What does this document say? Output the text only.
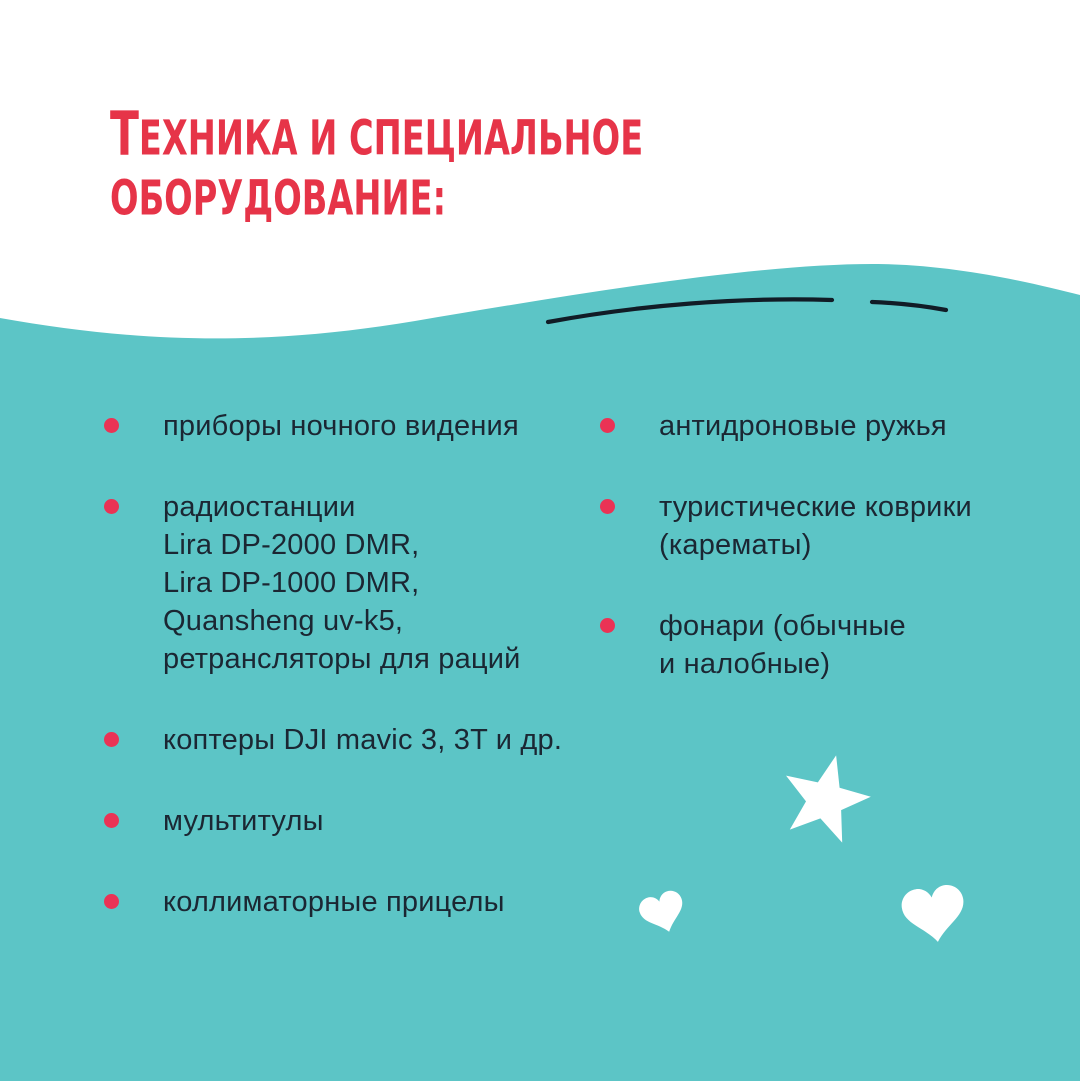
ТЕХНИКА И СПЕЦИАЛЬНОЕ
ОБОРУДОВАНИЕ:
приборы ночного видения
радиостанции
Lira DP-2000 DMR,
Lira DP-1000 DMR,
Quansheng uv-k5,
ретрансляторы для раций
коптеры DJI mavic 3, 3T и др.
мультитулы
коллиматорные прицелы
антидроновые ружья
туристические коврики
(карематы)
фонари (обычные
и налобные)
